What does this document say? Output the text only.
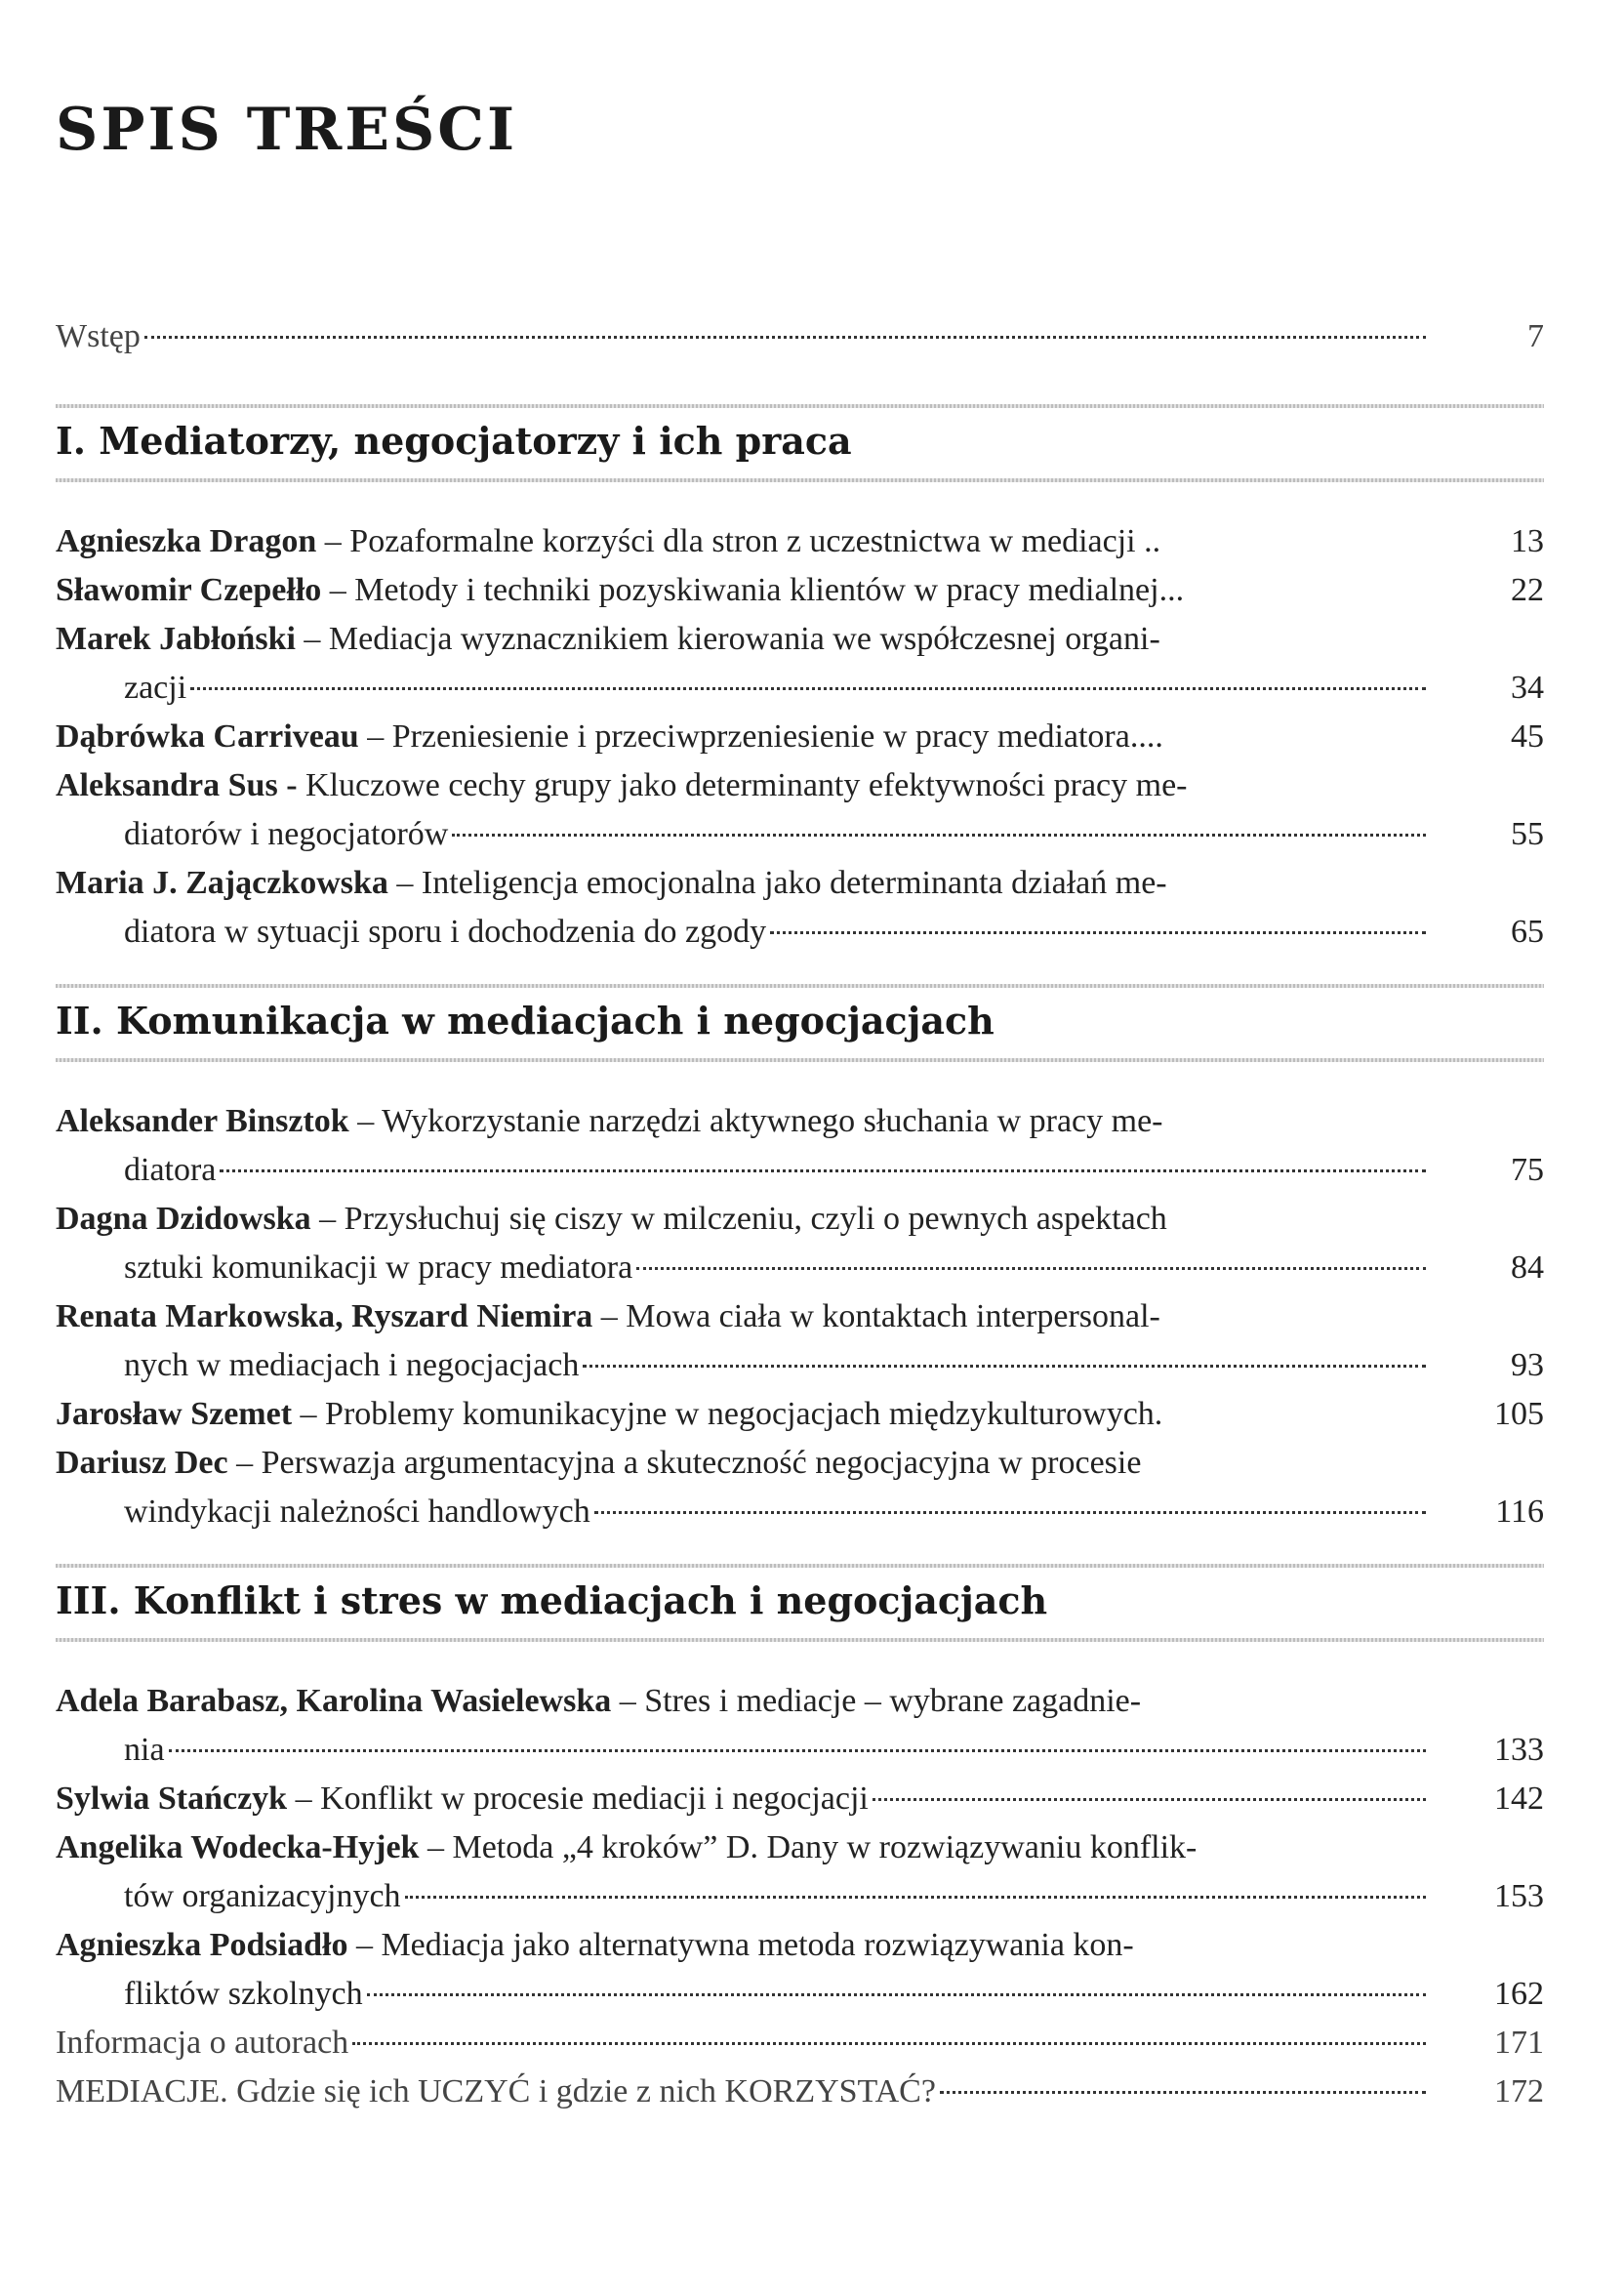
SPIS TREŚCI
Wstęp	7
I. Mediatorzy, negocjatorzy i ich praca
Agnieszka Dragon – Pozaformalne korzyści dla stron z uczestnictwa w mediacji ..	13
Sławomir Czepełło – Metody i techniki pozyskiwania klientów w pracy medialnej...	22
Marek Jabłoński – Mediacja wyznacznikiem kierowania we współczesnej organi-
zacji	34
Dąbrówka Carriveau – Przeniesienie i przeciwprzeniesienie w pracy mediatora....	45
Aleksandra Sus - Kluczowe cechy grupy jako determinanty efektywności pracy me-
diatorów i negocjatorów	55
Maria J. Zajączkowska – Inteligencja emocjonalna jako determinanta działań me-
diatora w sytuacji sporu i dochodzenia do zgody	65
II. Komunikacja w mediacjach i negocjacjach
Aleksander Binsztok – Wykorzystanie narzędzi aktywnego słuchania w pracy me-
diatora	75
Dagna Dzidowska – Przysłuchuj się ciszy w milczeniu, czyli o pewnych aspektach
sztuki komunikacji w pracy mediatora	84
Renata Markowska, Ryszard Niemira – Mowa ciała w kontaktach interpersonal-
nych w mediacjach i negocjacjach	93
Jarosław Szemet – Problemy komunikacyjne w negocjacjach międzykulturowych.	105
Dariusz Dec – Perswazja argumentacyjna a skuteczność negocjacyjna w procesie
windykacji należności handlowych	116
III. Konflikt i stres w mediacjach i negocjacjach
Adela Barabasz, Karolina Wasielewska – Stres i mediacje – wybrane zagadnie-
nia	133
Sylwia Stańczyk – Konflikt w procesie mediacji i negocjacji	142
Angelika Wodecka-Hyjek – Metoda „4 kroków” D. Dany w rozwiązywaniu konflik-
tów organizacyjnych	153
Agnieszka Podsiadło – Mediacja jako alternatywna metoda rozwiązywania kon-
fliktów szkolnych	162
Informacja o autorach	171
MEDIACJE. Gdzie się ich UCZYĆ i gdzie z nich KORZYSTAĆ?	172
